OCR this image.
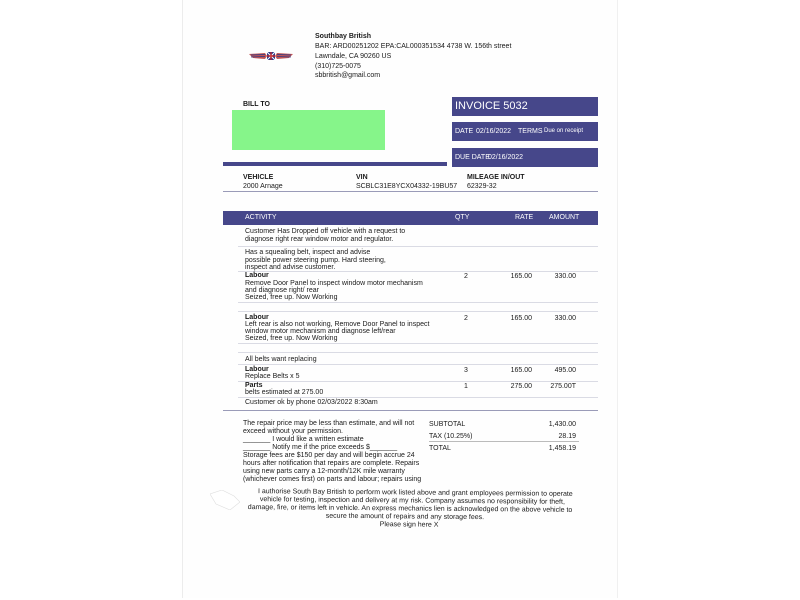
Southbay British
BAR: ARD00251202 EPA:CAL000351534 4738 W. 156th street
Lawndale, CA 90260 US
(310)725-0075
sbbritish@gmail.com
BILL TO	INVOICE 5032
DATE 02/16/2022 TERMS Due on receipt
DUE DATE
02/16/2022
VEHICLE
2000 Arnage
VIN
SCBLC31E8YCX04332-19BU57
MILEAGE IN/OUT
62329-32
ACTIVITY	QTY	RATE AMOUNT
Customer Has Dropped off vehicle with a request to
diagnose right rear window motor and regulator.
Has a squealing belt, inspect and advise
possible power steering pump. Hard steering,
inspect and advise customer.
Labour
Remove Door Panel to inspect window motor mechanism
and diagnose right/ rear
Seized, free up. Now Working
2	165.00	330.00
Labour
Left rear is also not working, Remove Door Panel to inspect
window motor mechanism and diagnose left/rear
Seized, free up. Now Working
2	165.00	330.00
All belts want replacing
Labour
Replace Belts x 5
3	165.00	495.00
Parts
belts estimated at 275.00
1	275.00	275.00T
Customer ok by phone 02/03/2022 8:30am
The repair price may be less than estimate, and will not
exceed without your permission.
_______ I would like a written estimate
_______ Notify me if the price exceeds $_______
Storage fees are $150 per day and will begin accrue 24
hours after notification that repairs are complete. Repairs
using new parts carry a 12-month/12K mile warranty
(whichever comes first) on parts and labour; repairs using
SUBTOTAL	1,430.00
TAX (10.25%)	28.19
TOTAL	1,458.19
I authorise South Bay British to perform work listed above and grant employees permission to operate
vehicle for testing, inspection and delivery at my risk. Company assumes no responsibility for theft,
damage, fire, or items left in vehicle. An express mechanics lien is acknowledged on the above vehicle to
secure the amount of repairs and any storage fees.
Please sign here X
